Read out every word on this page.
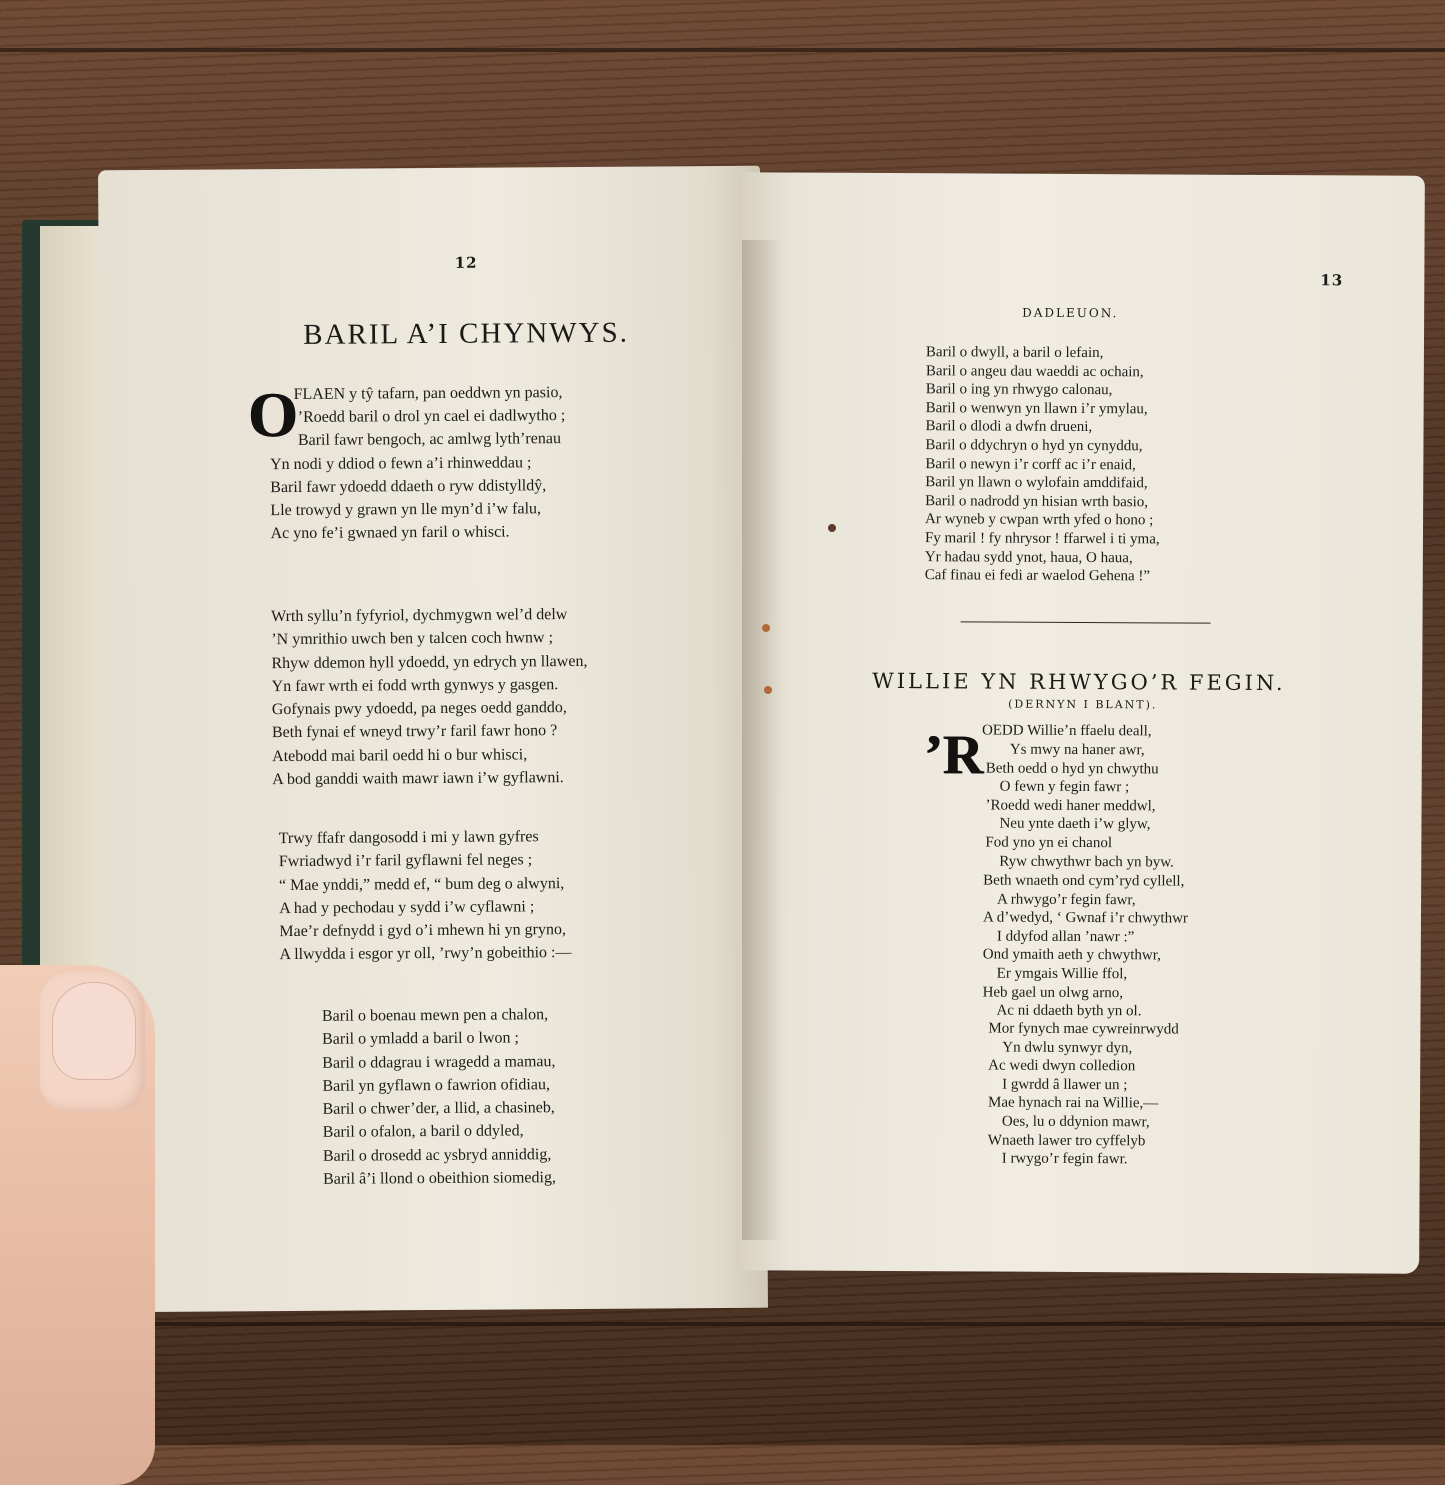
12
BARIL A’I CHYNWYS.
O
FLAEN y tŷ tafarn, pan oeddwn yn pasio,
’Roedd baril o drol yn cael ei dadlwytho ;
Baril fawr bengoch, ac amlwg lyth’renau
Yn nodi y ddiod o fewn a’i rhinweddau ;
Baril fawr ydoedd ddaeth o ryw ddistylldŷ,
Lle trowyd y grawn yn lle myn’d i’w falu,
Ac yno fe’i gwnaed yn faril o whisci.
Wrth syllu’n fyfyriol, dychmygwn wel’d delw
’N ymrithio uwch ben y talcen coch hwnw ;
Rhyw ddemon hyll ydoedd, yn edrych yn llawen,
Yn fawr wrth ei fodd wrth gynwys y gasgen.
Gofynais pwy ydoedd, pa neges oedd ganddo,
Beth fynai ef wneyd trwy’r faril fawr hono ?
Atebodd mai baril oedd hi o bur whisci,
A bod ganddi waith mawr iawn i’w gyflawni.
Trwy ffafr dangosodd i mi y lawn gyfres
Fwriadwyd i’r faril gyflawni fel neges ;
“ Mae ynddi,” medd ef, “ bum deg o alwyni,
A had y pechodau y sydd i’w cyflawni ;
Mae’r defnydd i gyd o’i mhewn hi yn gryno,
A llwydda i esgor yr oll, ’rwy’n gobeithio :—
Baril o boenau mewn pen a chalon,
Baril o ymladd a baril o lwon ;
Baril o ddagrau i wragedd a mamau,
Baril yn gyflawn o fawrion ofidiau,
Baril o chwer’der, a llid, a chasineb,
Baril o ofalon, a baril o ddyled,
Baril o drosedd ac ysbryd anniddig,
Baril â’i llond o obeithion siomedig,
13
DADLEUON.
Baril o dwyll, a baril o lefain,
Baril o angeu dau waeddi ac ochain,
Baril o ing yn rhwygo calonau,
Baril o wenwyn yn llawn i’r ymylau,
Baril o dlodi a dwfn drueni,
Baril o ddychryn o hyd yn cynyddu,
Baril o newyn i’r corff ac i’r enaid,
Baril yn llawn o wylofain amddifaid,
Baril o nadrodd yn hisian wrth basio,
Ar wyneb y cwpan wrth yfed o hono ;
Fy maril ! fy nhrysor ! ffarwel i ti yma,
Yr hadau sydd ynot, haua, O haua,
Caf finau ei fedi ar waelod Gehena !”
WILLIE YN RHWYGO’R FEGIN.
(DERNYN I BLANT).
’R
OEDD Willie’n ffaelu deall,
Ys mwy na haner awr,
Beth oedd o hyd yn chwythu
O fewn y fegin fawr ;
’Roedd wedi haner meddwl,
Neu ynte daeth i’w glyw,
Fod yno yn ei chanol
Ryw chwythwr bach yn byw.
Beth wnaeth ond cym’ryd cyllell,
A rhwygo’r fegin fawr,
A d’wedyd, ‘ Gwnaf i’r chwythwr
I ddyfod allan ’nawr :”
Ond ymaith aeth y chwythwr,
Er ymgais Willie ffol,
Heb gael un olwg arno,
Ac ni ddaeth byth yn ol.
Mor fynych mae cywreinrwydd
Yn dwlu synwyr dyn,
Ac wedi dwyn colledion
I gwrdd â llawer un ;
Mae hynach rai na Willie,—
Oes, lu o ddynion mawr,
Wnaeth lawer tro cyffelyb
I rwygo’r fegin fawr.
